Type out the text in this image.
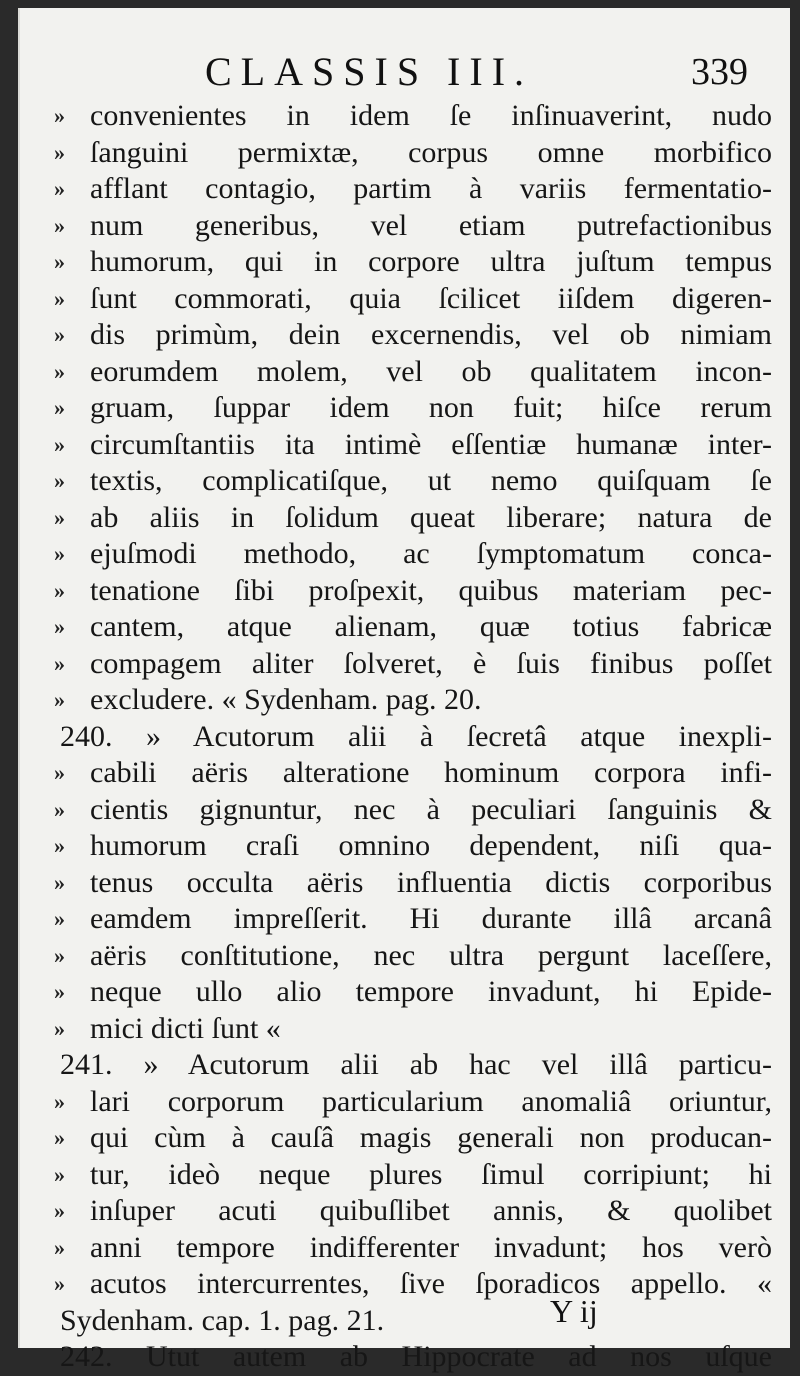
CLASSIS III.	339
» convenientes in idem ſe inſinuaverint, nudo
» ſanguini permixtæ, corpus omne morbifico
» afflant contagio, partim à variis fermentatio-
» num generibus, vel etiam putrefactionibus
» humorum, qui in corpore ultra juſtum tempus
» ſunt commorati, quia ſcilicet iiſdem digeren-
» dis primùm, dein excernendis, vel ob nimiam
» eorumdem molem, vel ob qualitatem incon-
» gruam, ſuppar idem non fuit; hiſce rerum
» circumſtantiis ita intimè eſſentiæ humanæ inter-
» textis, complicatiſque, ut nemo quiſquam ſe
» ab aliis in ſolidum queat liberare; natura de
» ejuſmodi methodo, ac ſymptomatum conca-
» tenatione ſibi proſpexit, quibus materiam pec-
» cantem, atque alienam, quæ totius fabricæ
» compagem aliter ſolveret, è ſuis finibus poſſet
» excludere. « Sydenham. pag. 20.
240. » Acutorum alii à ſecretâ atque inexpli-
» cabili aëris alteratione hominum corpora infi-
» cientis gignuntur, nec à peculiari ſanguinis &
» humorum craſi omnino dependent, niſi qua-
» tenus occulta aëris influentia dictis corporibus
» eamdem impreſſerit. Hi durante illâ arcanâ
» aëris conſtitutione, nec ultra pergunt laceſſere,
» neque ullo alio tempore invadunt, hi Epide-
» mici dicti ſunt «
241. » Acutorum alii ab hac vel illâ particu-
» lari corporum particularium anomaliâ oriuntur,
» qui cùm à cauſâ magis generali non producan-
» tur, ideò neque plures ſimul corripiunt; hi
» inſuper acuti quibuſlibet annis, & quolibet
» anni tempore indifferenter invadunt; hos verò
» acutos intercurrentes, ſive ſporadicos appello. «
Sydenham. cap. 1. pag. 21.
242. Utut autem ab Hippocrate ad nos uſque
Y ij
